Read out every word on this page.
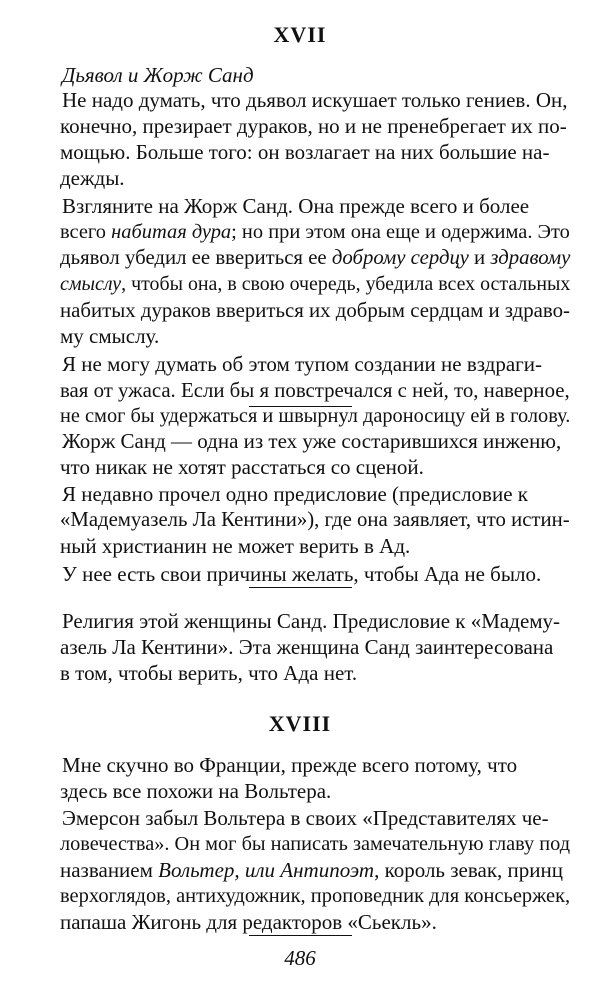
XVII
Дьявол и Жорж Санд
Не надо думать, что дьявол искушает только гениев. Он,
конечно, презирает дураков, но и не пренебрегает их по-
мощью. Больше того: он возлагает на них большие на-
дежды.
Взгляните на Жорж Санд. Она прежде всего и более
всего набитая дура; но при этом она еще и одержима. Это
дьявол убедил ее ввериться ее доброму сердцу и здравому
смыслу, чтобы она, в свою очередь, убедила всех остальных
набитых дураков ввериться их добрым сердцам и здраво-
му смыслу.
Я не могу думать об этом тупом создании не вздраги-
вая от ужаса. Если бы я повстречался с ней, то, наверное,
не смог бы удержаться и швырнул дароносицу ей в голову.
Жорж Санд — одна из тех уже состарившихся инженю,
что никак не хотят расстаться со сценой.
Я недавно прочел одно предисловие (предисловие к
«Мадемуазель Ла Кентини»), где она заявляет, что истин-
ный христианин не может верить в Ад.
У нее есть свои причины желать, чтобы Ада не было.
Религия этой женщины Санд. Предисловие к «Мадему-
азель Ла Кентини». Эта женщина Санд заинтересована
в том, чтобы верить, что Ада нет.
XVIII
Мне скучно во Франции, прежде всего потому, что
здесь все похожи на Вольтера.
Эмерсон забыл Вольтера в своих «Представителях че-
ловечества». Он мог бы написать замечательную главу под
названием Вольтер, или Антипоэт, король зевак, принц
верхоглядов, антихудожник, проповедник для консьержек,
папаша Жигонь для редакторов «Сьекль».
486
